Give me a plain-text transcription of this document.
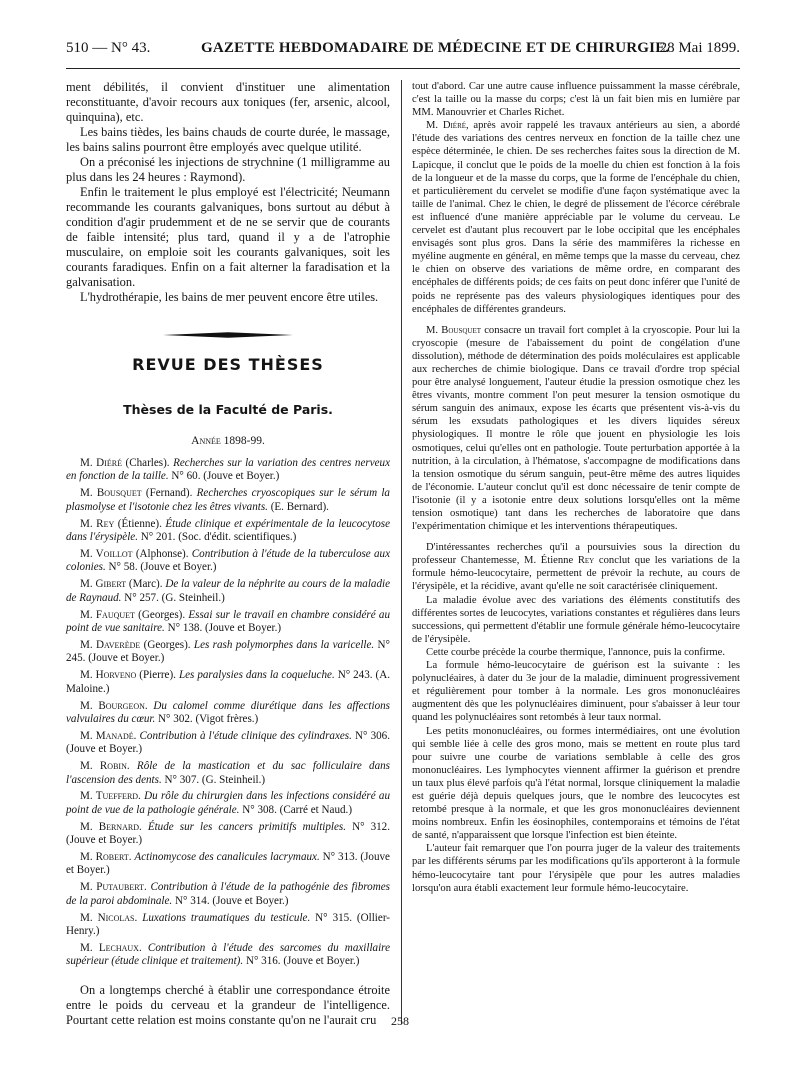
510 — N° 43.	GAZETTE HEBDOMADAIRE DE MÉDECINE ET DE CHIRURGIE.
28 Mai 1899.

ment débilités, il convient d'instituer une alimentation reconstituante, d'avoir recours aux toniques (fer, arsenic, alcool, quinquina), etc.

Les bains tièdes, les bains chauds de courte durée, le massage, les bains salins pourront être employés avec quelque utilité.

On a préconisé les injections de strychnine (1 milligramme au plus dans les 24 heures : Raymond).

Enfin le traitement le plus employé est l'électricité; Neumann recommande les courants galvaniques, bons surtout au début à condition d'agir prudemment et de ne se servir que de courants de faible intensité; plus tard, quand il y a de l'atrophie musculaire, on emploie soit les courants galvaniques, soit les courants faradiques. Enfin on a fait alterner la faradisation et la galvanisation.

L'hydrothérapie, les bains de mer peuvent encore être utiles.

REVUE DES THÈSES
Thèses de la Faculté de Paris.
Année 1898-99.

M. Diéré (Charles). Recherches sur la variation des centres nerveux en fonction de la taille. N° 60. (Jouve et Boyer.)

M. Bousquet (Fernand). Recherches cryoscopiques sur le sérum la plasmolyse et l'isotonie chez les êtres vivants. (E. Bernard).

M. Rey (Étienne). Étude clinique et expérimentale de la leucocytose dans l'érysipèle. N° 201. (Soc. d'édit. scientifiques.)

M. Voillot (Alphonse). Contribution à l'étude de la tuberculose aux colonies. N° 58. (Jouve et Boyer.)

M. Gibert (Marc). De la valeur de la néphrite au cours de la maladie de Raynaud. N° 257. (G. Steinheil.)

M. Fauquet (Georges). Essai sur le travail en chambre considéré au point de vue sanitaire. N° 138. (Jouve et Boyer.)

M. Daverède (Georges). Les rash polymorphes dans la varicelle. N° 245. (Jouve et Boyer.)

M. Horveno (Pierre). Les paralysies dans la coqueluche. N° 243. (A. Maloine.)

M. Bourgeon. Du calomel comme diurétique dans les affections valvulaires du cœur. N° 302. (Vigot frères.)

M. Manadé. Contribution à l'étude clinique des cylindraxes. N° 306. (Jouve et Boyer.)

M. Robin. Rôle de la mastication et du sac folliculaire dans l'ascension des dents. N° 307. (G. Steinheil.)

M. Tuefferd. Du rôle du chirurgien dans les infections considéré au point de vue de la pathologie générale. N° 308. (Carré et Naud.)

M. Bernard. Étude sur les cancers primitifs multiples. N° 312. (Jouve et Boyer.)

M. Robert. Actinomycose des canalicules lacrymaux. N° 313. (Jouve et Boyer.)

M. Putaubert. Contribution à l'étude de la pathogénie des fibromes de la paroi abdominale. N° 314. (Jouve et Boyer.)

M. Nicolas. Luxations traumatiques du testicule. N° 315. (Ollier-Henry.)

M. Lechaux. Contribution à l'étude des sarcomes du maxillaire supérieur (étude clinique et traitement). N° 316. (Jouve et Boyer.)

On a longtemps cherché à établir une correspondance étroite entre le poids du cerveau et la grandeur de l'intelligence. Pourtant cette relation est moins constante qu'on ne l'aurait cru

tout d'abord. Car une autre cause influence puissamment la masse cérébrale, c'est la taille ou la masse du corps; c'est là un fait bien mis en lumière par MM. Manouvrier et Charles Richet.

M. Diéré, après avoir rappelé les travaux antérieurs au sien, a abordé l'étude des variations des centres nerveux en fonction de la taille chez une espèce déterminée, le chien. De ses recherches faites sous la direction de M. Lapicque, il conclut que le poids de la moelle du chien est fonction à la fois de la longueur et de la masse du corps, que la forme de l'encéphale du chien, et particulièrement du cervelet se modifie d'une façon systématique avec la taille de l'animal. Chez le chien, le degré de plissement de l'écorce cérébrale est influencé d'une manière appréciable par le volume du cerveau. Le cervelet est d'autant plus recouvert par le lobe occipital que les encéphales envisagés sont plus gros. Dans la série des mammifères la richesse en myéline augmente en général, en même temps que la masse du cerveau, chez le chien on observe des variations de même ordre, en comparant des encéphales de différents poids; de ces faits on peut donc inférer que l'unité de poids ne représente pas des valeurs physiologiques identiques pour des encéphales de différentes grandeurs.

M. Bousquet consacre un travail fort complet à la cryoscopie. Pour lui la cryoscopie (mesure de l'abaissement du point de congélation d'une dissolution), méthode de détermination des poids moléculaires est applicable aux recherches de chimie biologique. Dans ce travail d'ordre trop spécial pour être analysé longuement, l'auteur étudie la pression osmotique chez les êtres vivants, montre comment l'on peut mesurer la tension osmotique du sérum sanguin des animaux, expose les écarts que présentent vis-à-vis du sérum les exsudats pathologiques et les divers liquides séreux physiologiques. Il montre le rôle que jouent en physiologie les lois osmotiques, celui qu'elles ont en pathologie. Toute perturbation apportée à la nutrition, à la circulation, à l'hématose, s'accompagne de modifications dans la tension osmotique du sérum sanguin, peut-être même des autres liquides de l'économie. L'auteur conclut qu'il est donc nécessaire de tenir compte de l'isotonie (il y a isotonie entre deux solutions lorsqu'elles ont la même tension osmotique) tant dans les recherches de laboratoire que dans l'expérimentation chimique et les interventions thérapeutiques.

D'intéressantes recherches qu'il a poursuivies sous la direction du professeur Chantemesse, M. Étienne Rey conclut que les variations de la formule hémo-leucocytaire, permettent de prévoir la rechute, au cours de l'érysipèle, et la récidive, avant qu'elle ne soit caractérisée cliniquement.

La maladie évolue avec des variations des éléments constitutifs des différentes sortes de leucocytes, variations constantes et régulières dans leurs successions, qui permettent d'établir une formule générale hémo-leucocytaire de l'érysipèle.

Cette courbe précède la courbe thermique, l'annonce, puis la confirme.

La formule hémo-leucocytaire de guérison est la suivante : les polynucléaires, à dater du 3e jour de la maladie, diminuent progressivement et régulièrement pour tomber à la normale. Les gros mononucléaires augmentent dès que les polynucléaires diminuent, pour s'abaisser à leur tour quand les polynucléaires sont retombés à leur taux normal.

Les petits mononucléaires, ou formes intermédiaires, ont une évolution qui semble liée à celle des gros mono, mais se mettent en route plus tard pour suivre une courbe de variations semblable à celle des gros mononucléaires. Les lymphocytes viennent affirmer la guérison et prendre un taux plus élevé parfois qu'à l'état normal, lorsque cliniquement la maladie est guérie déjà depuis quelques jours, que le nombre des leucocytes est retombé presque à la normale, et que les gros mononucléaires deviennent moins nombreux. Enfin les éosinophiles, contemporains et témoins de l'état de santé, n'apparaissent que lorsque l'infection est bien éteinte.

L'auteur fait remarquer que l'on pourra juger de la valeur des traitements par les différents sérums par les modifications qu'ils apporteront à la formule hémo-leucocytaire tant pour l'érysipèle que pour les autres maladies lorsqu'on aura établi exactement leur formule hémo-leucocytaire.

258
